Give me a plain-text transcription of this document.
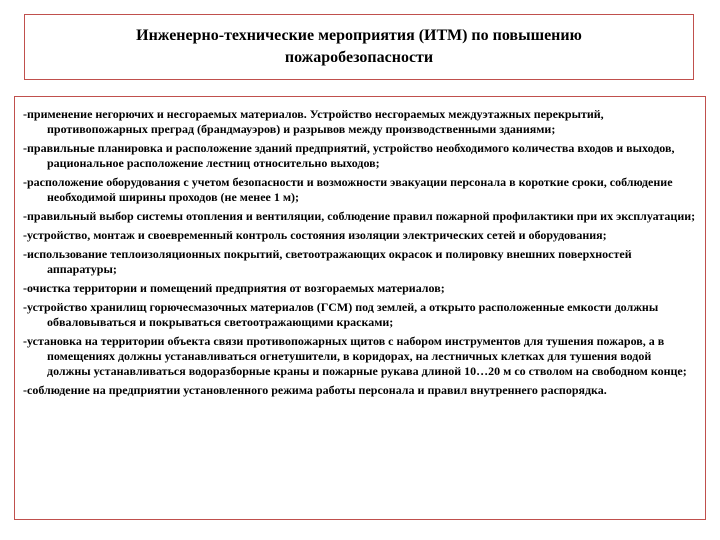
Инженерно-технические мероприятия (ИТМ) по повышению
пожаробезопасности

-применение негорючих и несгораемых материалов. Устройство несгораемых междуэтажных перекрытий, противопожарных преград (брандмауэров) и разрывов между производственными зданиями;

-правильные планировка и расположение зданий предприятий, устройство необходимого количества входов и выходов, рациональное расположение лестниц относительно выходов;

-расположение оборудования с учетом безопасности и возможности эвакуации персонала в короткие сроки, соблюдение необходимой ширины проходов (не менее 1 м);

-правильный выбор системы отопления и вентиляции, соблюдение правил пожарной профилактики при их эксплуатации;

-устройство, монтаж и своевременный контроль состояния изоляции электрических сетей и оборудования;

-использование теплоизоляционных покрытий, светоотражающих окрасок и полировку внешних поверхностей аппаратуры;

-очистка территории и помещений предприятия от возгораемых материалов;

-устройство хранилищ горючесмазочных материалов (ГСМ) под землей, а открыто расположенные емкости должны обваловываться и покрываться светоотражающими красками;

-установка на территории объекта связи противопожарных щитов с набором инструментов для тушения пожаров, а в помещениях должны устанавливаться огнетушители, в коридорах, на лестничных клетках для тушения водой должны устанавливаться водоразборные краны и пожарные рукава длиной 10…20 м со стволом на свободном конце;

-соблюдение на предприятии установленного режима работы персонала и правил внутреннего распорядка.
